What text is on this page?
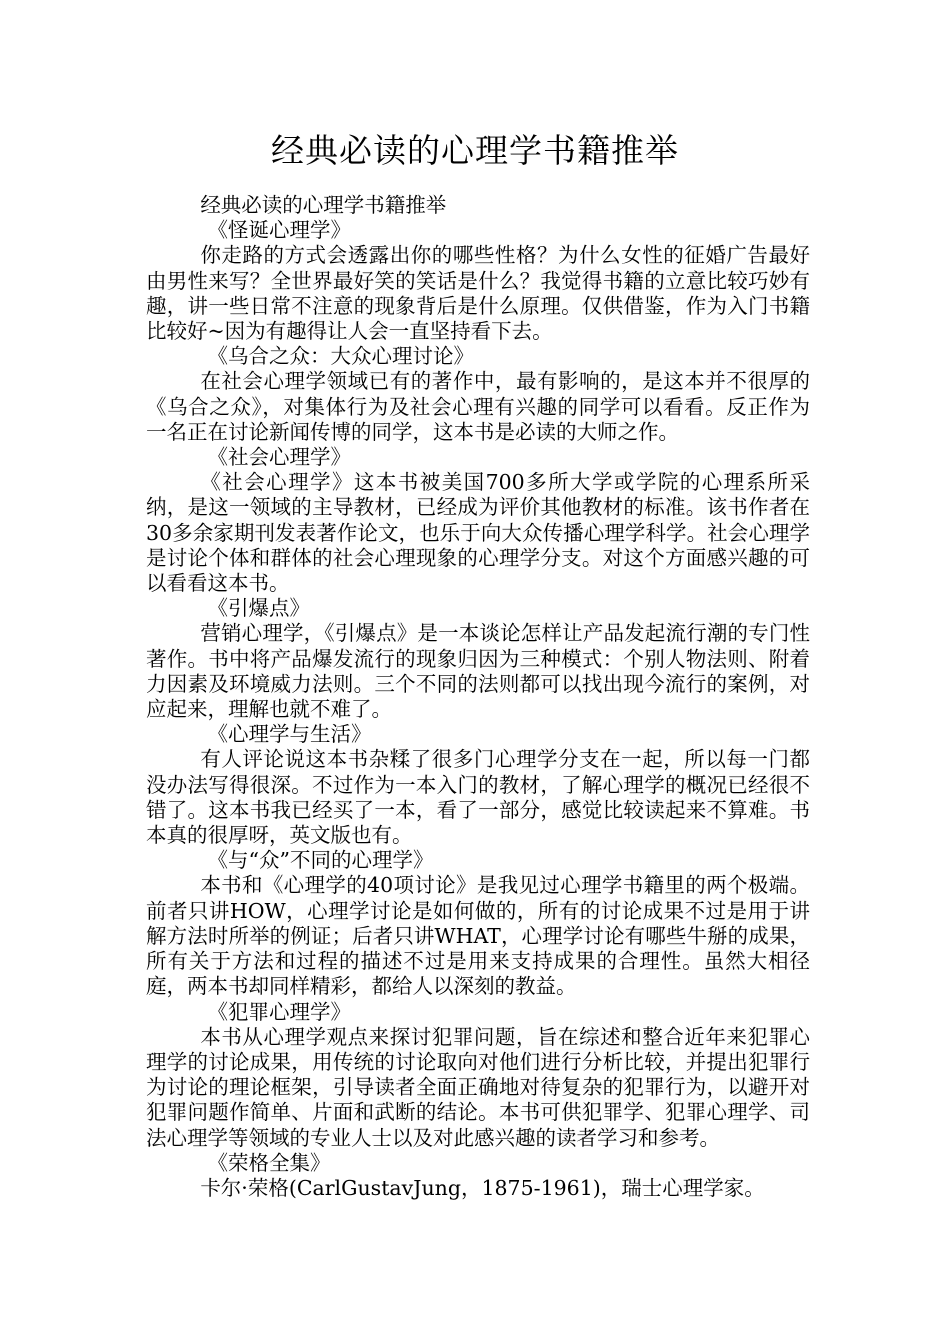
经典必读的心理学书籍推举

经典必读的心理学书籍推举

《怪诞心理学》

你走路的方式会透露出你的哪些性格？为什么女性的征婚广告最好由男性来写？全世界最好笑的笑话是什么？我觉得书籍的立意比较巧妙有趣，讲一些日常不注意的现象背后是什么原理。仅供借鉴，作为入门书籍比较好~因为有趣得让人会一直坚持看下去。

《乌合之众：大众心理讨论》

在社会心理学领域已有的著作中，最有影响的，是这本并不很厚的《乌合之众》，对集体行为及社会心理有兴趣的同学可以看看。反正作为一名正在讨论新闻传博的同学，这本书是必读的大师之作。

《社会心理学》

《社会心理学》这本书被美国700多所大学或学院的心理系所采纳，是这一领域的主导教材，已经成为评价其他教材的标准。该书作者在30多余家期刊发表著作论文，也乐于向大众传播心理学科学。社会心理学是讨论个体和群体的社会心理现象的心理学分支。对这个方面感兴趣的可以看看这本书。

《引爆点》

营销心理学，《引爆点》是一本谈论怎样让产品发起流行潮的专门性著作。书中将产品爆发流行的现象归因为三种模式：个别人物法则、附着力因素及环境威力法则。三个不同的法则都可以找出现今流行的案例，对应起来，理解也就不难了。

《心理学与生活》

有人评论说这本书杂糅了很多门心理学分支在一起，所以每一门都没办法写得很深。不过作为一本入门的教材，了解心理学的概况已经很不错了。这本书我已经买了一本，看了一部分，感觉比较读起来不算难。书本真的很厚呀，英文版也有。

《与“众”不同的心理学》

本书和《心理学的40项讨论》是我见过心理学书籍里的两个极端。前者只讲HOW，心理学讨论是如何做的，所有的讨论成果不过是用于讲解方法时所举的例证；后者只讲WHAT，心理学讨论有哪些牛掰的成果，所有关于方法和过程的描述不过是用来支持成果的合理性。虽然大相径庭，两本书却同样精彩，都给人以深刻的教益。

《犯罪心理学》

本书从心理学观点来探讨犯罪问题，旨在综述和整合近年来犯罪心理学的讨论成果，用传统的讨论取向对他们进行分析比较，并提出犯罪行为讨论的理论框架，引导读者全面正确地对待复杂的犯罪行为，以避开对犯罪问题作简单、片面和武断的结论。本书可供犯罪学、犯罪心理学、司法心理学等领域的专业人士以及对此感兴趣的读者学习和参考。

《荣格全集》

卡尔·荣格(CarlGustavJung，1875-1961)，瑞士心理学家。
